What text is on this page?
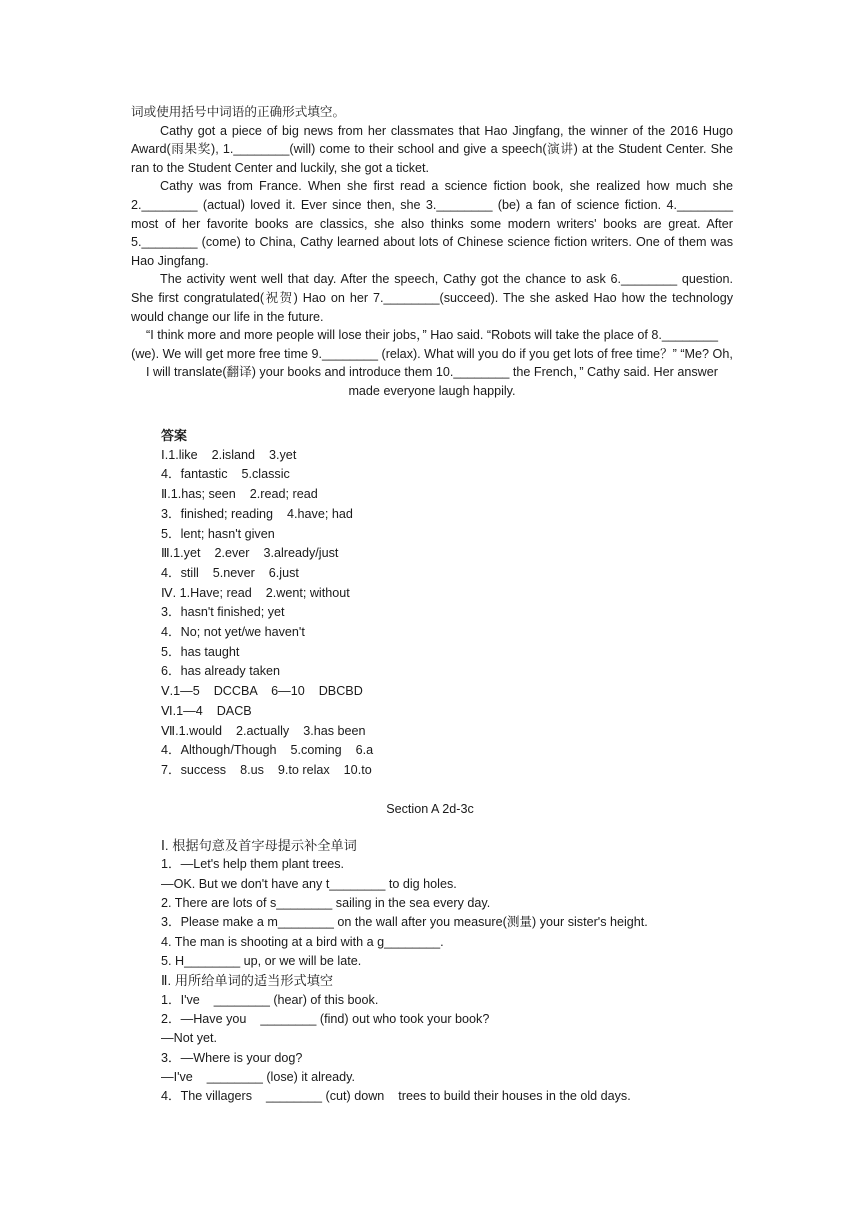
词或使用括号中词语的正确形式填空。

Cathy got a piece of big news from her classmates that Hao Jingfang, the winner of the 2016 Hugo Award(雨果奖), 1.________(will) come to their school and give a speech(演讲) at the Student Center. She ran to the Student Center and luckily, she got a ticket.

Cathy was from France. When she first read a science fiction book, she realized how much she 2.________ (actual) loved it. Ever since then, she 3.________ (be) a fan of science fiction. 4.________ most of her favorite books are classics, she also thinks some modern writers' books are great. After 5.________ (come) to China, Cathy learned about lots of Chinese science fiction writers. One of them was Hao Jingfang.

The activity went well that day. After the speech, Cathy got the chance to ask 6.________ question. She first congratulated(祝贺) Hao on her 7.________(succeed). The she asked Hao how the technology would change our life in the future.

“I think more and more people will lose their jobs，” Hao said. “Robots will take the place of 8.________ (we). We will get more free time 9.________ (relax). What will you do if you get lots of free time？” “Me? Oh, I will translate(翻译) your books and introduce them 10.________ the French，” Cathy said. Her answer made everyone laugh happily.

答案

Ⅰ.1.like    2.island    3.yet

4．fantastic    5.classic

Ⅱ.1.has; seen    2.read; read

3．finished; reading    4.have; had

5．lent; hasn't given

Ⅲ.1.yet    2.ever    3.already/just

4．still    5.never    6.just

Ⅳ. 1.Have; read    2.went; without

3．hasn't finished; yet

4．No; not yet/we haven't

5．has taught

6．has already taken

Ⅴ.1—5    DCCBA    6—10    DBCBD

Ⅵ.1—4    DACB

Ⅶ.1.would    2.actually    3.has been

4．Although/Though    5.coming    6.a

7．success    8.us    9.to relax    10.to

Section A 2d-3c

Ⅰ. 根据句意及首字母提示补全单词

1．—Let's help them plant trees.

—OK. But we don't have any t________ to dig holes.

2. There are lots of s________ sailing in the sea every day.

3．Please make a m________ on the wall after you measure(测量) your sister's height.

4. The man is shooting at a bird with a g________.

5. H________ up, or we will be late.

Ⅱ. 用所给单词的适当形式填空

1．I've    ________ (hear) of this book.

2．—Have you    ________ (find) out who took your book?

—Not yet.

3．—Where is your dog?

—I've    ________ (lose) it already.

4．The villagers    ________ (cut) down    trees to build their houses in the old days.
